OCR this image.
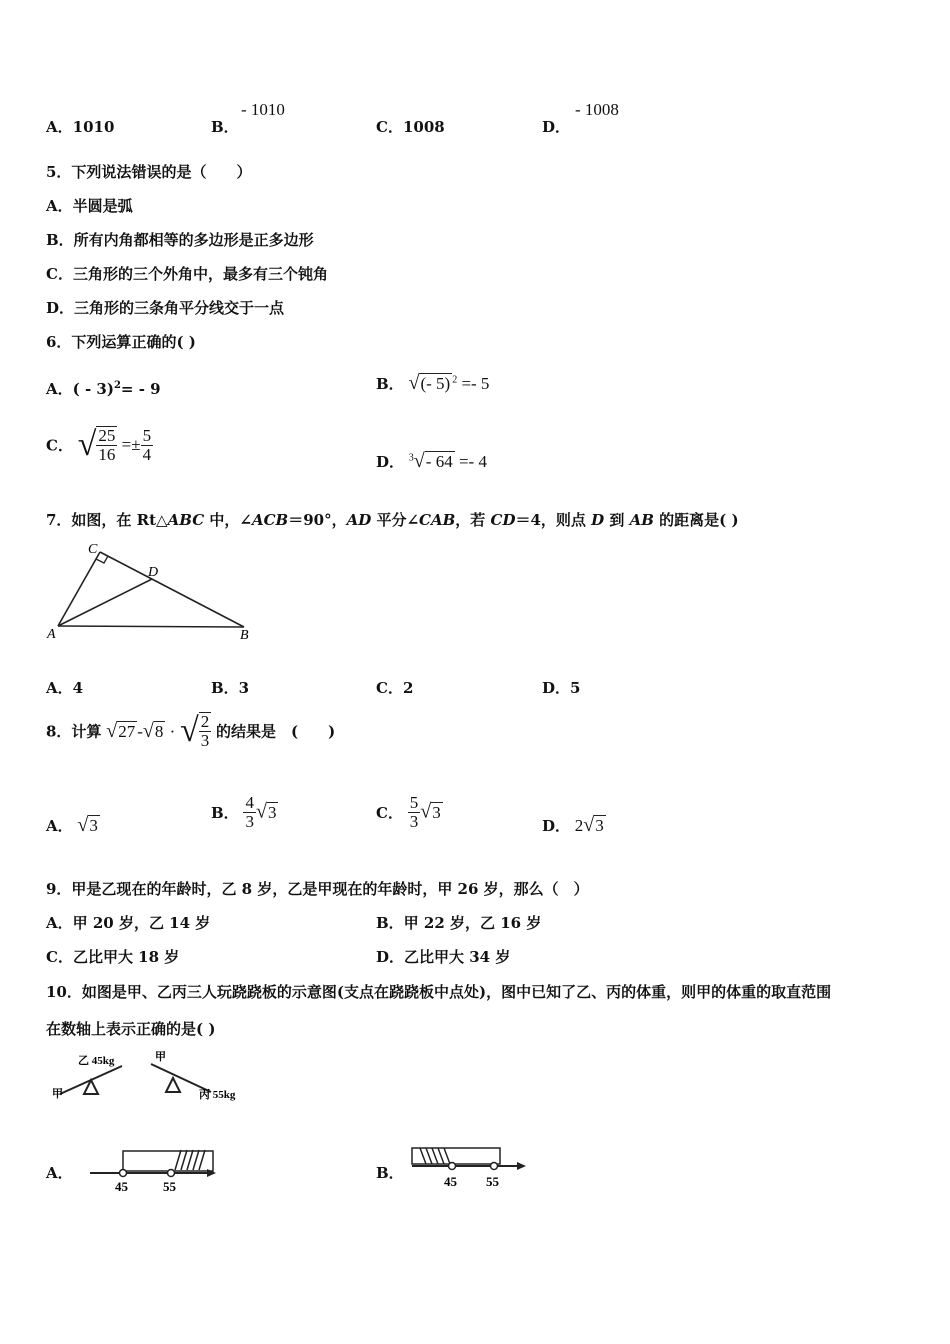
A．1010	B．
- 1010
C．1008	D．
- 1008
5．下列说法错误的是（　　）
A．半圆是弧
B．所有内角都相等的多边形是正多边形
C．三角形的三个外角中，最多有三个钝角
D．三角形的三条角平分线交于一点
6．下列运算正确的( )
A．( - 3)$^2$= - 9	B． √(- 5) $^2$ =- 5
C． √ $\frac{25}{16} =\pm \frac{5}{4}$	D． $^3$√- 64 =- 4
7．如图，在 Rt△ABC 中，∠ACB＝90°，AD 平分∠CAB，若 CD＝4，则点 D 到 AB 的距离是( )
C
D
A	B
A．4	B．3	C．2	D．5
8．计算 √27 -√8 · √ $\frac{2}{3}$ 的结果是　(　　)
A． √3
B． $\frac{4}{3} √3$	C． $\frac{5}{3} √3$
D． 2√3
9．甲是乙现在的年龄时，乙 8 岁，乙是甲现在的年龄时，甲 26 岁，那么（　）
A．甲 20 岁，乙 14 岁	B．甲 22 岁，乙 16 岁
C．乙比甲大 18 岁	D．乙比甲大 34 岁
10．如图是甲、乙丙三人玩跷跷板的示意图(支点在跷跷板中点处)，图中已知了乙、丙的体重，则甲的体重的取直范围
在数轴上表示正确的是( )
甲
乙 45kg	甲
丙 55kg
A．
45	55
B．	45 55
